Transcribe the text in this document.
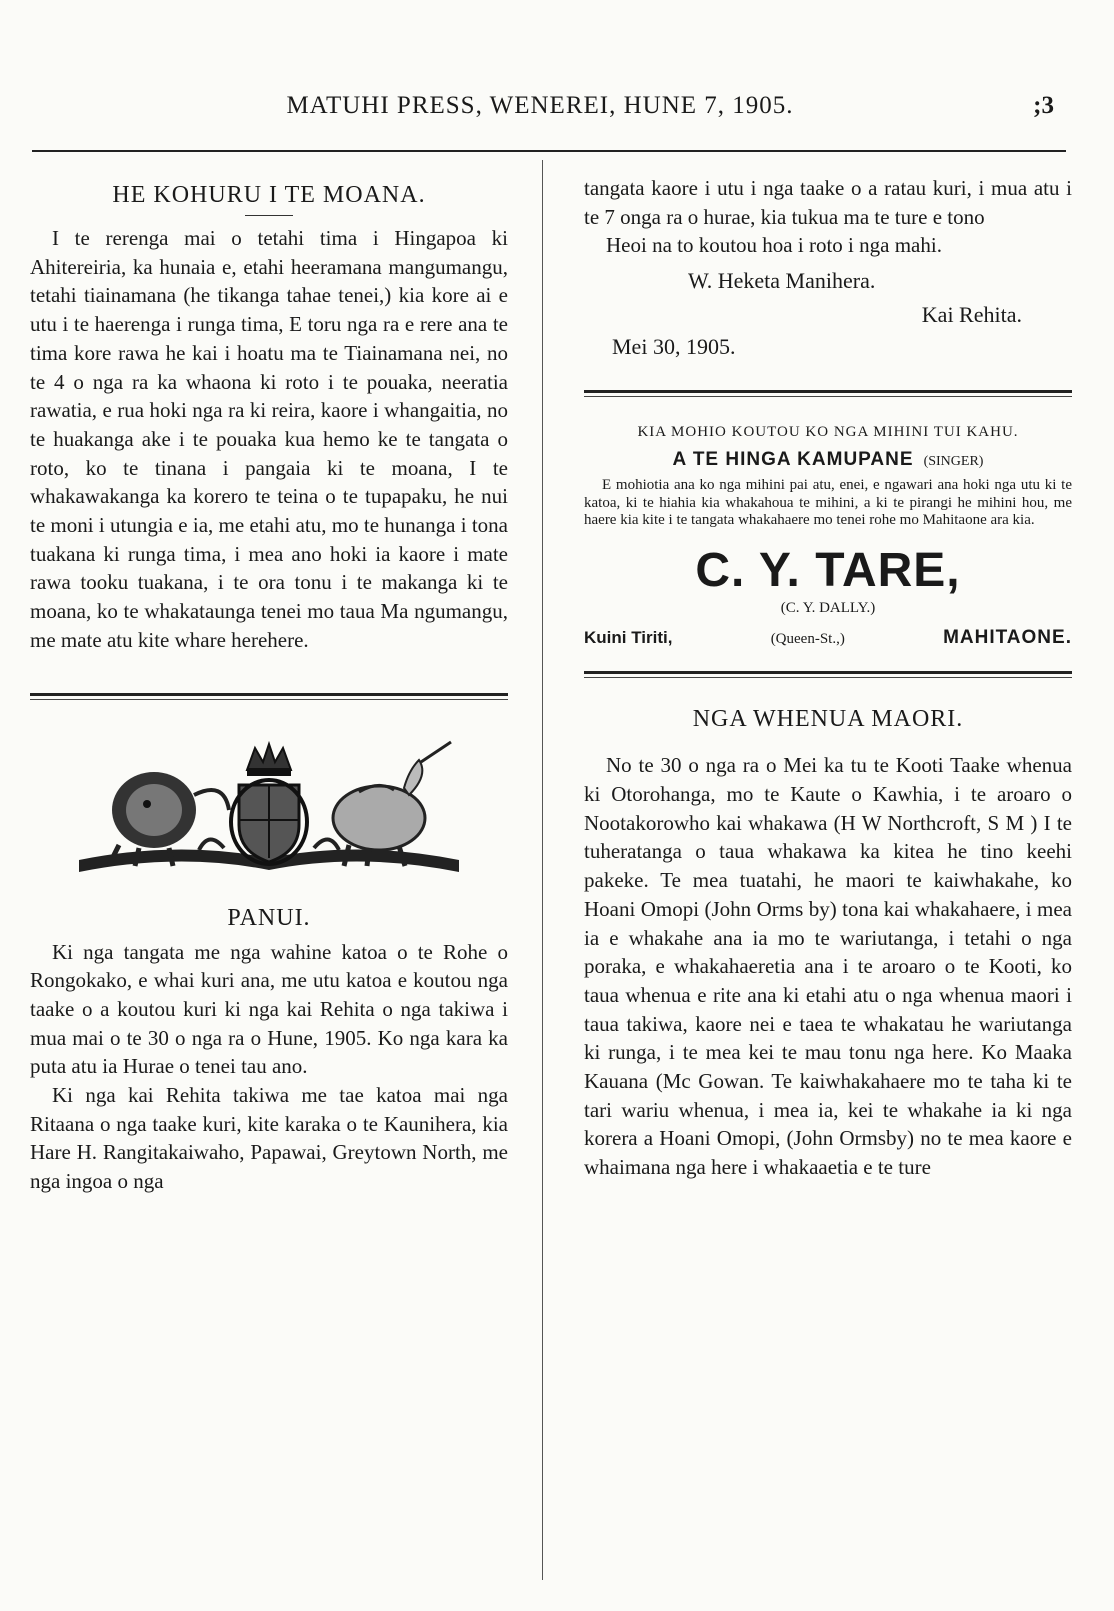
MATUHI PRESS, WENEREI, HUNE 7, 1905.	;3
HE KOHURU I TE MOANA.

I te rerenga mai o tetahi tima i Hingapoa ki Ahitereiria, ka hunaia e, etahi heeramana mangumangu, tetahi tiainamana (he tikanga tahae tenei,) kia kore ai e utu i te haerenga i runga tima, E toru nga ra e rere ana te tima kore rawa he kai i hoatu ma te Tiainamana nei, no te 4 o nga ra ka whaona ki roto i te pouaka, neeratia rawatia, e rua hoki nga ra ki reira, kaore i whangaitia, no te huakanga ake i te pouaka kua hemo ke te tangata o roto, ko te tinana i pangaia ki te moana, I te whakawakanga ka korero te teina o te tupapaku, he nui te moni i utungia e ia, me etahi atu, mo te hunanga i tona tuakana ki runga tima, i mea ano hoki ia kaore i mate rawa tooku tuakana, i te ora tonu i te makanga ki te moana, ko te whakataunga tenei mo taua Ma ngumangu, me mate atu kite whare herehere.

PANUI.

Ki nga tangata me nga wahine katoa o te Rohe o Rongokako, e whai kuri ana, me utu katoa e koutou nga taake o a koutou kuri ki nga kai Rehita o nga takiwa i mua mai o te 30 o nga ra o Hune, 1905. Ko nga kara ka puta atu ia Hurae o tenei tau ano.

Ki nga kai Rehita takiwa me tae katoa mai nga Ritaana o nga taake kuri, kite karaka o te Kaunihera, kia Hare H. Rangitakaiwaho, Papawai, Greytown North, me nga ingoa o nga

tangata kaore i utu i nga taake o a ratau kuri, i mua atu i te 7 onga ra o hurae, kia tukua ma te ture e tono

Heoi na to koutou hoa i roto i nga mahi.

W. Heketa Manihera.
Kai Rehita.
Mei 30, 1905.

KIA MOHIO KOUTOU KO NGA MIHINI TUI KAHU.

A TE HINGA KAMUPANE (SINGER)

E mohiotia ana ko nga mihini pai atu, enei, e ngawari ana hoki nga utu ki te katoa, ki te hiahia kia whakahoua te mihini, a ki te pirangi he mihini hou, me haere kia kite i te tangata whakahaere mo tenei rohe mo Mahitaone ara kia.

C. Y. TARE,

(C. Y. DALLY.)

Kuini Tiriti,	(Queen-St.,)	MAHITAONE.
NGA WHENUA MAORI.

No te 30 o nga ra o Mei ka tu te Kooti Taake whenua ki Otorohanga, mo te Kaute o Kawhia, i te aroaro o Nootakorowho kai whakawa (H W Northcroft, S M ) I te tuheratanga o taua whakawa ka kitea he tino keehi pakeke. Te mea tuatahi, he maori te kaiwhakahe, ko Hoani Omopi (John Orms by) tona kai whakahaere, i mea ia e whakahe ana ia mo te wariutanga, i tetahi o nga poraka, e whakahaeretia ana i te aroaro o te Kooti, ko taua whenua e rite ana ki etahi atu o nga whenua maori i taua takiwa, kaore nei e taea te whakatau he wariutanga ki runga, i te mea kei te mau tonu nga here. Ko Maaka Kauana (Mc Gowan. Te kaiwhakahaere mo te taha ki te tari wariu whenua, i mea ia, kei te whakahe ia ki nga korera a Hoani Omopi, (John Ormsby) no te mea kaore e whaimana nga here i whakaaetia e te ture
